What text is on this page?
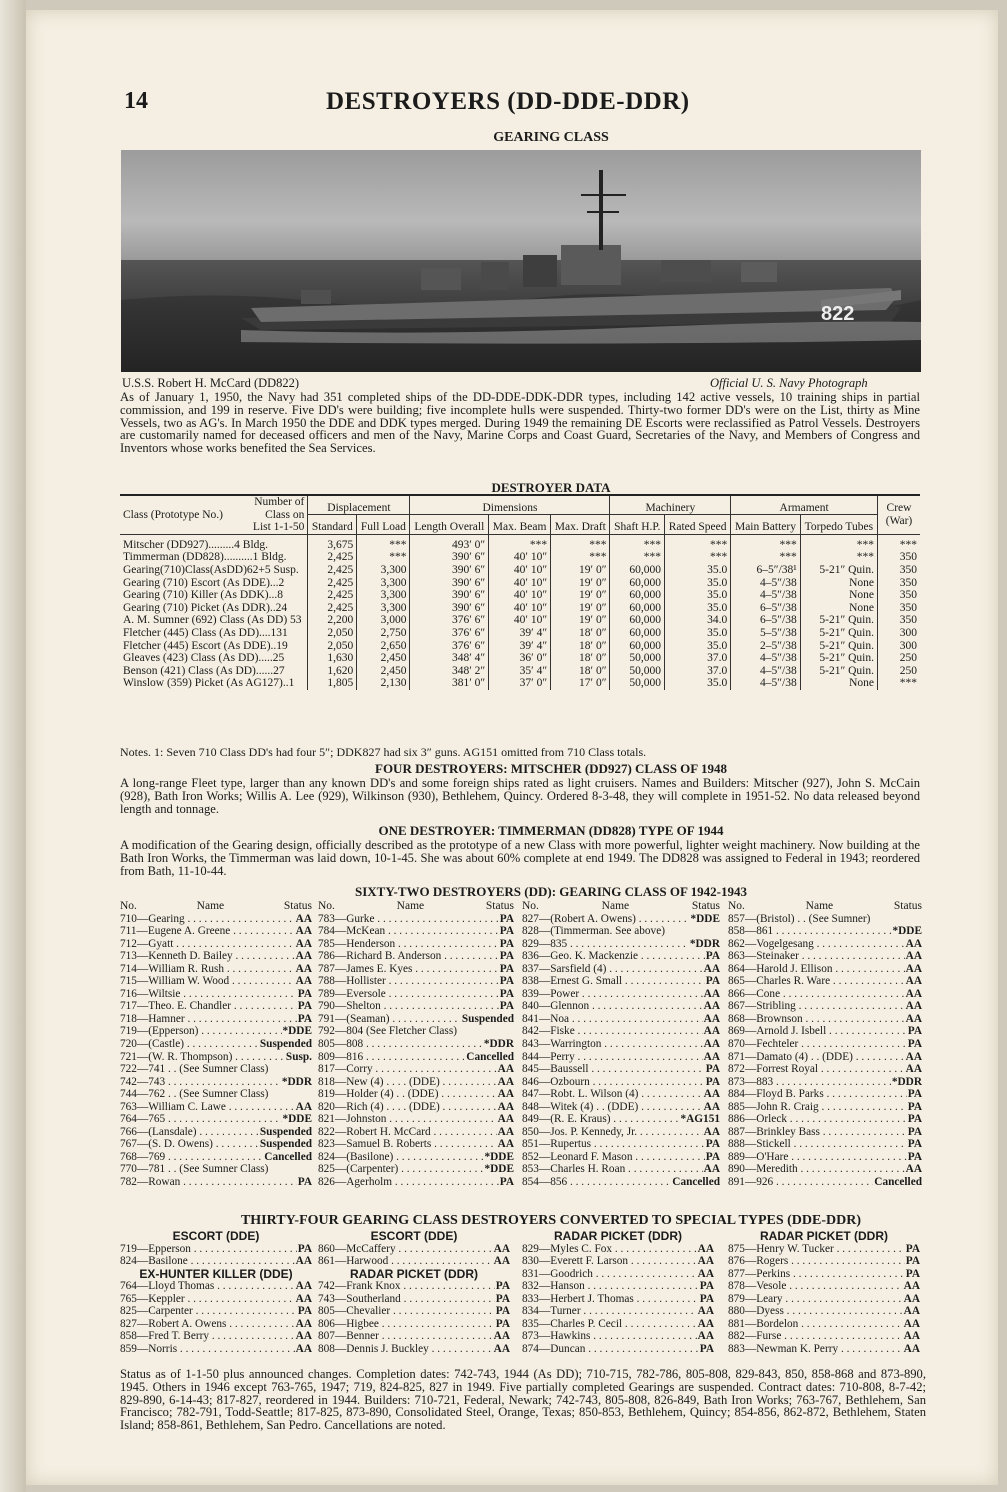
14	DESTROYERS (DD-DDE-DDR)
GEARING CLASS
822
U.S.S. Robert H. McCard (DD822)	Official U. S. Navy Photograph
As of January 1, 1950, the Navy had 351 completed ships of the DD-DDE-DDK-DDR types, including 142 active vessels, 10 training ships in partial commission, and 199 in reserve. Five DD's were building; five incomplete hulls were suspended. Thirty-two former DD's were on the List, thirty as Mine Vessels, two as AG's. In March 1950 the DDE and DDK types merged. During 1949 the remaining DE Escorts were reclassified as Patrol Vessels. Destroyers are customarily named for deceased officers and men of the Navy, Marine Corps and Coast Guard, Secretaries of the Navy, and Members of Congress and Inventors whose works benefited the Sea Services.
DESTROYER DATA
Class (Prototype No.)	Number of Class on List 1-1-50	Displacement		Dimensions			Machinery		Armament		Crew (War)
		Standard	Full Load	Length Overall	Max. Beam	Max. Draft	Shaft H.P.	Rated Speed	Main Battery	Torpedo Tubes	
Mitscher (DD927).........4 Bldg.		3,675	***	493′ 0″	***	***	***	***	***	***	***
Timmerman (DD828)..........1 Bldg.		2,425	***	390′ 6″	40′ 10″	***	***	***	***	***	350
Gearing(710)Class(AsDD)62+5 Susp.		2,425	3,300	390′ 6″	40′ 10″	19′ 0″	60,000	35.0	6–5″/38¹	5-21″ Quin.	350
Gearing (710) Escort (As DDE)...2		2,425	3,300	390′ 6″	40′ 10″	19′ 0″	60,000	35.0	4–5″/38	None	350
Gearing (710) Killer (As DDK)...8		2,425	3,300	390′ 6″	40′ 10″	19′ 0″	60,000	35.0	4–5″/38	None	350
Gearing (710) Picket (As DDR)..24		2,425	3,300	390′ 6″	40′ 10″	19′ 0″	60,000	35.0	6–5″/38	None	350
A. M. Sumner (692) Class (As DD) 53		2,200	3,000	376′ 6″	40′ 10″	19′ 0″	60,000	34.0	6–5″/38	5-21″ Quin.	350
Fletcher (445) Class (As DD)....131		2,050	2,750	376′ 6″	39′ 4″	18′ 0″	60,000	35.0	5–5″/38	5-21″ Quin.	300
Fletcher (445) Escort (As DDE)..19		2,050	2,650	376′ 6″	39′ 4″	18′ 0″	60,000	35.0	2–5″/38	5-21″ Quin.	300
Gleaves (423) Class (As DD).....25		1,630	2,450	348′ 4″	36′ 0″	18′ 0″	50,000	37.0	4–5″/38	5-21″ Quin.	250
Benson (421) Class (As DD)......27		1,620	2,450	348′ 2″	35′ 4″	18′ 0″	50,000	37.0	4–5″/38	5-21″ Quin.	250
Winslow (359) Picket (As AG127)..1		1,805	2,130	381′ 0″	37′ 0″	17′ 0″	50,000	35.0	4–5″/38	None	***
Notes. 1: Seven 710 Class DD's had four 5″; DDK827 had six 3″ guns. AG151 omitted from 710 Class totals.
FOUR DESTROYERS: MITSCHER (DD927) CLASS OF 1948
A long-range Fleet type, larger than any known DD's and some foreign ships rated as light cruisers. Names and Builders: Mitscher (927), John S. McCain (928), Bath Iron Works; Willis A. Lee (929), Wilkinson (930), Bethlehem, Quincy. Ordered 8-3-48, they will complete in 1951-52. No data released beyond length and tonnage.
ONE DESTROYER: TIMMERMAN (DD828) TYPE OF 1944
A modification of the Gearing design, officially described as the prototype of a new Class with more powerful, lighter weight machinery. Now building at the Bath Iron Works, the Timmerman was laid down, 10-1-45. She was about 60% complete at end 1949. The DD828 was assigned to Federal in 1943; reordered from Bath, 11-10-44.
SIXTY-TWO DESTROYERS (DD): GEARING CLASS OF 1942-1943
No.	Name	Status
710—Gearing . . .	AA
711—Eugene A. Greene . . .	AA
712—Gyatt . . .	AA
713—Kenneth D. Bailey . . .	AA
714—William R. Rush . . .	AA
715—William W. Wood . . .	AA
716—Wiltsie . . .	PA
717—Theo. E. Chandler . . .	PA
718—Hamner . . .	PA
719—(Epperson) . . .	*DDE
720—(Castle) . . .	Suspended
721—(W. R. Thompson) . . .	Susp.
722—741 . . (See Sumner Class)
742—743 . . .	*DDR
744—762 . . (See Sumner Class)
763—William C. Lawe . . .	AA
764—765 . . .	*DDE
766—(Lansdale) . . .	Suspended
767—(S. D. Owens) . . .	Suspended
768—769 . . .	Cancelled
770—781 . . (See Sumner Class)
782—Rowan . . .	PA
No.	Name	Status
783—Gurke . . .	PA
784—McKean . . .	PA
785—Henderson . . .	PA
786—Richard B. Anderson . . .	PA
787—James E. Kyes . . .	PA
788—Hollister . . .	PA
789—Eversole . . .	PA
790—Shelton . . .	PA
791—(Seaman) . . .	Suspended
792—804 (See Fletcher Class)
805—808 . . .	*DDR
809—816 . . .	Cancelled
817—Corry . . .	AA
818—New (4) . . . . (DDE) . . .	AA
819—Holder (4) . . (DDE) . . .	AA
820—Rich (4) . . . . (DDE) . . .	AA
821—Johnston . . .	AA
822—Robert H. McCard . . .	AA
823—Samuel B. Roberts . . .	AA
824—(Basilone) . . .	*DDE
825—(Carpenter) . . .	*DDE
826—Agerholm . . .	PA
No.	Name	Status
827—(Robert A. Owens) . . .	*DDE
828—(Timmerman. See above)
829—835 . . .	*DDR
836—Geo. K. Mackenzie . . .	PA
837—Sarsfield (4) . . .	AA
838—Ernest G. Small . . .	PA
839—Power . . .	AA
840—Glennon . . .	AA
841—Noa . . .	AA
842—Fiske . . .	AA
843—Warrington . . .	AA
844—Perry . . .	AA
845—Baussell . . .	PA
846—Ozbourn . . .	PA
847—Robt. L. Wilson (4) . . .	AA
848—Witek (4) . . (DDE) . . .	AA
849—(R. E. Kraus) . . .	*AG151
850—Jos. P. Kennedy, Jr. . . .	AA
851—Rupertus . . .	PA
852—Leonard F. Mason . . .	PA
853—Charles H. Roan . . .	AA
854—856 . . .	Cancelled
No.	Name	Status
857—(Bristol) . . (See Sumner)
858—861 . . .	*DDE
862—Vogelgesang . . .	AA
863—Steinaker . . .	AA
864—Harold J. Ellison . . .	AA
865—Charles R. Ware . . .	AA
866—Cone . . .	AA
867—Stribling . . .	AA
868—Brownson . . .	AA
869—Arnold J. Isbell . . .	PA
870—Fechteler . . .	PA
871—Damato (4) . . (DDE) . . .	AA
872—Forrest Royal . . .	AA
873—883 . . .	*DDR
884—Floyd B. Parks . . .	PA
885—John R. Craig . . .	PA
886—Orleck . . .	PA
887—Brinkley Bass . . .	PA
888—Stickell . . .	PA
889—O'Hare . . .	PA
890—Meredith . . .	AA
891—926 . . .	Cancelled
THIRTY-FOUR GEARING CLASS DESTROYERS CONVERTED TO SPECIAL TYPES (DDE-DDR)
ESCORT (DDE)
719—Epperson . . .	PA
824—Basilone . . .	AA
EX-HUNTER KILLER (DDE)
764—Lloyd Thomas . . .	AA
765—Keppler . . .	AA
825—Carpenter . . .	PA
827—Robert A. Owens . . .	AA
858—Fred T. Berry . . .	AA
859—Norris . . .	AA
ESCORT (DDE)
860—McCaffery . . .	AA
861—Harwood . . .	AA
RADAR PICKET (DDR)
742—Frank Knox . . .	PA
743—Southerland . . .	PA
805—Chevalier . . .	PA
806—Higbee . . .	PA
807—Benner . . .	AA
808—Dennis J. Buckley . . .	AA
RADAR PICKET (DDR)
829—Myles C. Fox . . .	AA
830—Everett F. Larson . . .	AA
831—Goodrich . . .	AA
832—Hanson . . .	PA
833—Herbert J. Thomas . . .	PA
834—Turner . . .	AA
835—Charles P. Cecil . . .	AA
873—Hawkins . . .	AA
874—Duncan . . .	PA
RADAR PICKET (DDR)
875—Henry W. Tucker . . .	PA
876—Rogers . . .	PA
877—Perkins . . .	PA
878—Vesole . . .	AA
879—Leary . . .	AA
880—Dyess . . .	AA
881—Bordelon . . .	AA
882—Furse . . .	AA
883—Newman K. Perry . . .	AA
Status as of 1-1-50 plus announced changes. Completion dates: 742-743, 1944 (As DD); 710-715, 782-786, 805-808, 829-843, 850, 858-868 and 873-890, 1945. Others in 1946 except 763-765, 1947; 719, 824-825, 827 in 1949. Five partially completed Gearings are suspended. Contract dates: 710-808, 8-7-42; 829-890, 6-14-43; 817-827, reordered in 1944. Builders: 710-721, Federal, Newark; 742-743, 805-808, 826-849, Bath Iron Works; 763-767, Bethlehem, San Francisco; 782-791, Todd-Seattle; 817-825, 873-890, Consolidated Steel, Orange, Texas; 850-853, Bethlehem, Quincy; 854-856, 862-872, Bethlehem, Staten Island; 858-861, Bethlehem, San Pedro. Cancellations are noted.
